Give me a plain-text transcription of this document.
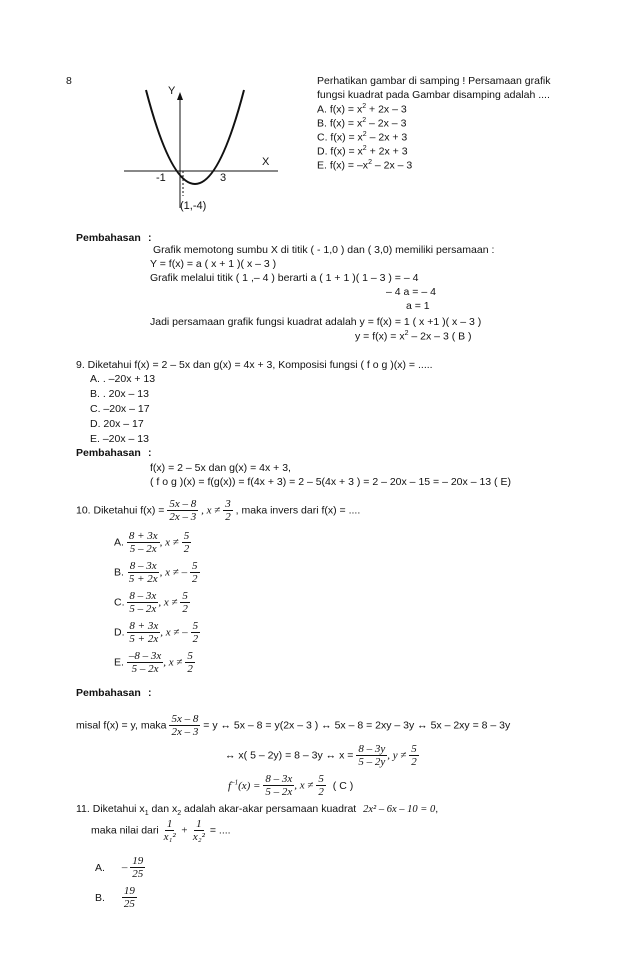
8
Y
X
-1	3
(1,-4)
Perhatikan gambar di samping ! Persamaan grafik
fungsi kuadrat pada Gambar disamping adalah ....
A. $f(x) = x^2 + 2x - 3$
B. $f(x) = x^2 - 2x - 3$
C. $f(x) = x^2 - 2x + 3$
D. $f(x) = x^2 + 2x + 3$
E. $f(x) = -x^2 - 2x - 3$
Pembahasan :
Grafik memotong sumbu X di titik ( - 1,0 ) dan ( 3,0) memiliki persamaan :
Y = f(x) = a ( x + 1 )( x – 3 )
Grafik melalui titik ( 1 ,– 4 ) berarti a ( 1 + 1 )( 1 – 3 ) = – 4
– 4 a = – 4
a = 1
Jadi persamaan grafik fungsi kuadrat adalah y = f(x) = 1 ( x +1 )( x – 3 )
$y = f(x) = x^2 - 2x - 3$ ( B )
9. Diketahui f(x) = 2 – 5x dan g(x) = 4x + 3, Komposisi fungsi ( f o g )(x) = .....
A. . –20x + 13
B. . 20x – 13
C. –20x – 17
D. 20x – 17
E. –20x – 13
Pembahasan :
f(x) = 2 – 5x dan g(x) = 4x + 3,
( f o g )(x) = f(g(x)) = f(4x + 3) = 2 – 5(4x + 3 ) = 2 – 20x – 15 = – 20x – 13 ( E)
10. Diketahui $f(x) = \frac{5x - 8}{2x - 3}$ , $x \ne \frac{3}{2}$ , maka invers dari f(x) = ....
A. $\frac{8 + 3x}{5 - 2x}$ , $x \ne \frac{5}{2}$
B. $\frac{8 - 3x}{5 + 2x}$ , x ≠ – $\frac{5}{2}$
C. $\frac{8 - 3x}{5 - 2x}$ , $x \ne \frac{5}{2}$
D. $\frac{8 + 3x}{5 + 2x}$ , x ≠ – $\frac{5}{2}$
E. $\frac{-8 - 3x}{5 - 2x}$ , $x \ne \frac{5}{2}$
Pembahasan :
misal f(x) = y, maka $\frac{5x - 8}{2x - 3} = y$ ↔ 5x – 8 = y(2x – 3 ) ↔ 5x – 8 = 2xy – 3y ↔ 5x – 2xy = 8 – 3y
↔ x( 5 – 2y) = 8 – 3y ↔ $x = \frac{8 - 3y}{5 - 2y}$ , $y \ne \frac{5}{2}$
$f^{-1}(x) = \frac{8 - 3x}{5 - 2x}$ , $x \ne \frac{5}{2}$ ( C )
11. Diketahui $x_1$ dan $x_2$ adalah akar-akar persamaan kuadrat 2x² – 6x – 10 = 0,
maka nilai dari $\frac{1}{\text{x₁²}} + \frac{1}{\text{x₂²}}$ = ....
A. – $\frac{19}{25}$
B. $\frac{19}{25}$
